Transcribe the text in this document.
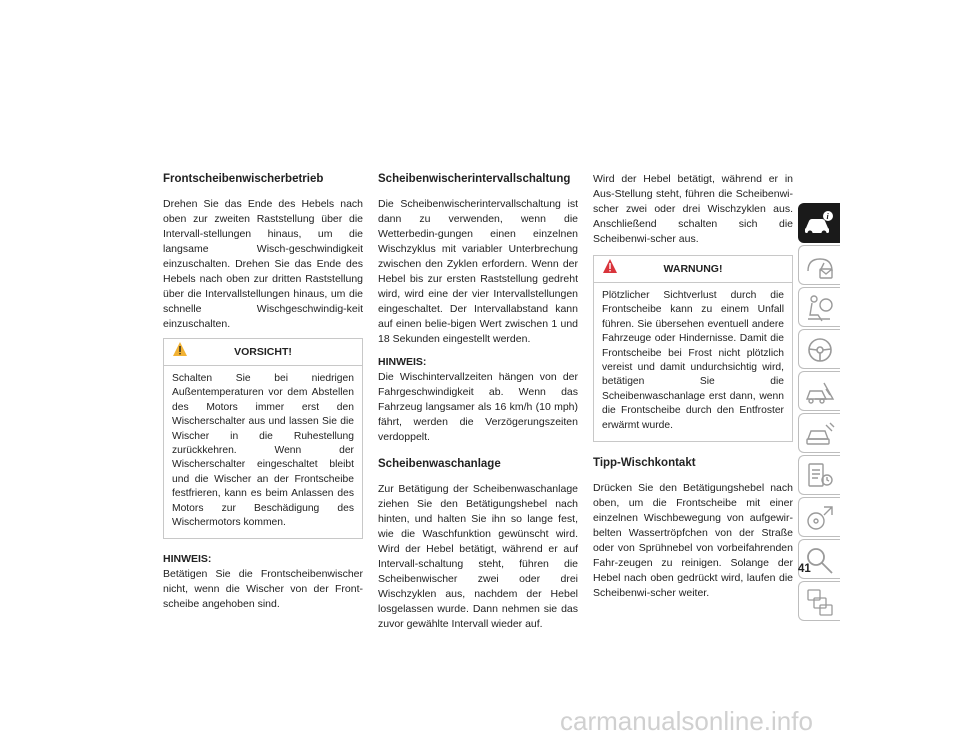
Frontscheibenwischerbetrieb

Drehen Sie das Ende des Hebels nach oben zur zweiten Raststellung über die Intervall-stellungen hinaus, um die langsame Wisch-geschwindigkeit einzuschalten. Drehen Sie das Ende des Hebels nach oben zur dritten Raststellung über die Intervallstellungen hinaus, um die schnelle Wischgeschwindig-keit einzuschalten.

VORSICHT!

Schalten Sie bei niedrigen Außentemperaturen vor dem Abstellen des Motors immer erst den Wischerschalter aus und lassen Sie die Wischer in die Ruhestellung zurückkehren. Wenn der Wischerschalter eingeschaltet bleibt und die Wischer an der Frontscheibe festfrieren, kann es beim Anlassen des Motors zur Beschädigung des Wischermotors kommen.

HINWEIS:

Betätigen Sie die Frontscheibenwischer nicht, wenn die Wischer von der Front-scheibe angehoben sind.

Scheibenwischerintervallschaltung

Die Scheibenwischerintervallschaltung ist dann zu verwenden, wenn die Wetterbedin-gungen einen einzelnen Wischzyklus mit variabler Unterbrechung zwischen den Zyklen erfordern. Wenn der Hebel bis zur ersten Raststellung gedreht wird, wird eine der vier Intervallstellungen eingeschaltet. Der Intervallabstand kann auf einen belie-bigen Wert zwischen 1 und 18 Sekunden eingestellt werden.

HINWEIS:

Die Wischintervallzeiten hängen von der Fahrgeschwindigkeit ab. Wenn das Fahrzeug langsamer als 16 km/h (10 mph) fährt, werden die Verzögerungszeiten verdoppelt.

Scheibenwaschanlage

Zur Betätigung der Scheibenwaschanlage ziehen Sie den Betätigungshebel nach hinten, und halten Sie ihn so lange fest, wie die Waschfunktion gewünscht wird. Wird der Hebel betätigt, während er auf Intervall-schaltung steht, führen die Scheibenwischer zwei oder drei Wischzyklen aus, nachdem der Hebel losgelassen wurde. Dann nehmen sie das zuvor gewählte Intervall wieder auf.

Wird der Hebel betätigt, während er in Aus-Stellung steht, führen die Scheibenwi-scher zwei oder drei Wischzyklen aus. Anschließend schalten sich die Scheibenwi-scher aus.

WARNUNG!

Plötzlicher Sichtverlust durch die Frontscheibe kann zu einem Unfall führen. Sie übersehen eventuell andere Fahrzeuge oder Hindernisse. Damit die Frontscheibe bei Frost nicht plötzlich vereist und damit undurchsichtig wird, betätigen Sie die Scheibenwaschanlage erst dann, wenn die Frontscheibe durch den Entfroster erwärmt wurde.

Tipp-Wischkontakt

Drücken Sie den Betätigungshebel nach oben, um die Frontscheibe mit einer einzelnen Wischbewegung von aufgewir-belten Wassertröpfchen von der Straße oder von Sprühnebel von vorbeifahrenden Fahr-zeugen zu reinigen. Solange der Hebel nach oben gedrückt wird, laufen die Scheibenwi-scher weiter.

i
41
carmanualsonline.info
